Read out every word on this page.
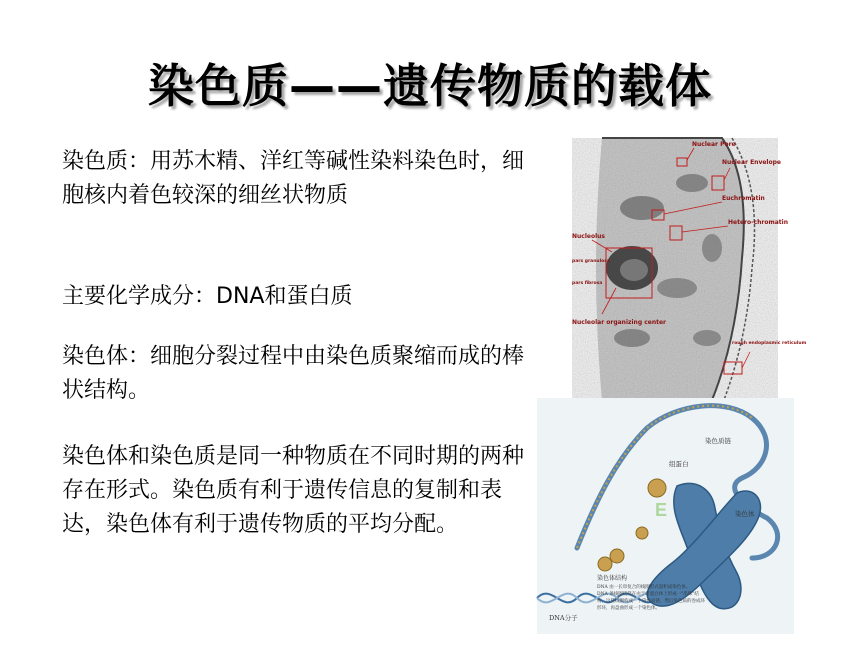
染色质——遗传物质的载体
染色质：用苏木精、洋红等碱性染料染色时，细胞核内着色较深的细丝状物质
主要化学成分：DNA和蛋白质
染色体：细胞分裂过程中由染色质聚缩而成的棒状结构。
染色体和染色质是同一种物质在不同时期的两种存在形式。染色质有利于遗传信息的复制和表达，染色体有利于遗传物质的平均分配。
Nuclear Pore
Nuclear Envelope
Euchromatin
Hetero-chromatin
Nucleolus
pars granulosa
pars fibrosa
Nucleolar organizing center
rough endoplasmic reticulum
E
染色质链
组蛋白
染色体
DNA分子
染色体结构
DNA 由一长串复合的线圈形式量积成染色体。
DNA 条线圈绕绕在由于组蛋白体上形成一"串珠"结
构，这些线圈构成一个染色质链，然后染色质的卷成环
形环，再盘曲形成一个染色体。
